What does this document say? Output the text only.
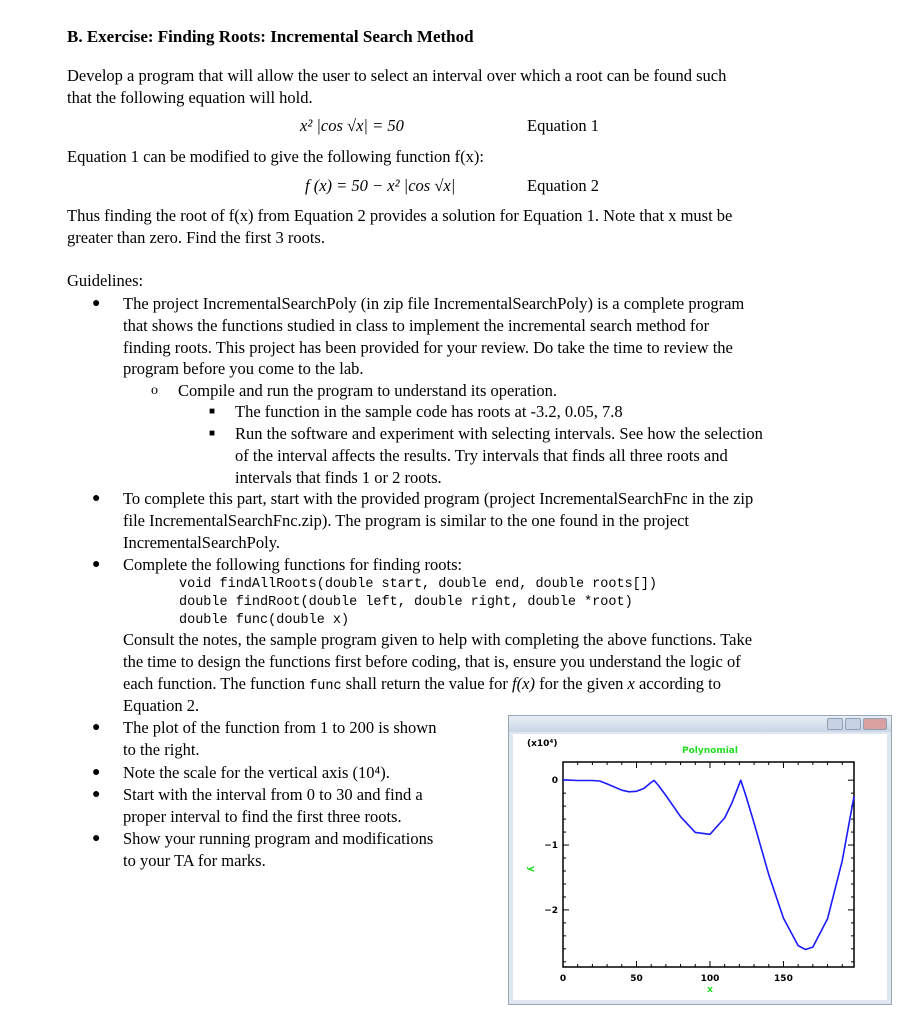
B. Exercise: Finding Roots: Incremental Search Method
Develop a program that will allow the user to select an interval over which a root can be found such
that the following equation will hold.
x² |cos √x| = 50	Equation 1
Equation 1 can be modified to give the following function f(x):
f (x) = 50 − x² |cos √x|	Equation 2
Thus finding the root of f(x) from Equation 2 provides a solution for Equation 1. Note that x must be
greater than zero. Find the first 3 roots.
Guidelines:
● The project IncrementalSearchPoly (in zip file IncrementalSearchPoly) is a complete program
that shows the functions studied in class to implement the incremental search method for
finding roots. This project has been provided for your review. Do take the time to review the
program before you come to the lab.
o Compile and run the program to understand its operation.
■ The function in the sample code has roots at -3.2, 0.05, 7.8
■ Run the software and experiment with selecting intervals. See how the selection
of the interval affects the results. Try intervals that finds all three roots and
intervals that finds 1 or 2 roots.
● To complete this part, start with the provided program (project IncrementalSearchFnc in the zip
file IncrementalSearchFnc.zip). The program is similar to the one found in the project
IncrementalSearchPoly.
● Complete the following functions for finding roots:
void findAllRoots(double start, double end, double roots[])
double findRoot(double left, double right, double *root)
double func(double x)
Consult the notes, the sample program given to help with completing the above functions. Take
the time to design the functions first before coding, that is, ensure you understand the logic of
each function. The function func shall return the value for f(x) for the given x according to
Equation 2.
● The plot of the function from 1 to 200 is shown
to the right.
● Note the scale for the vertical axis (10⁴).
● Start with the interval from 0 to 30 and find a
proper interval to find the first three roots.
● Show your running program and modifications
to your TA for marks.
0	50	100	150
0
−1
−2
x
y
Polynomial
(x10⁴)
